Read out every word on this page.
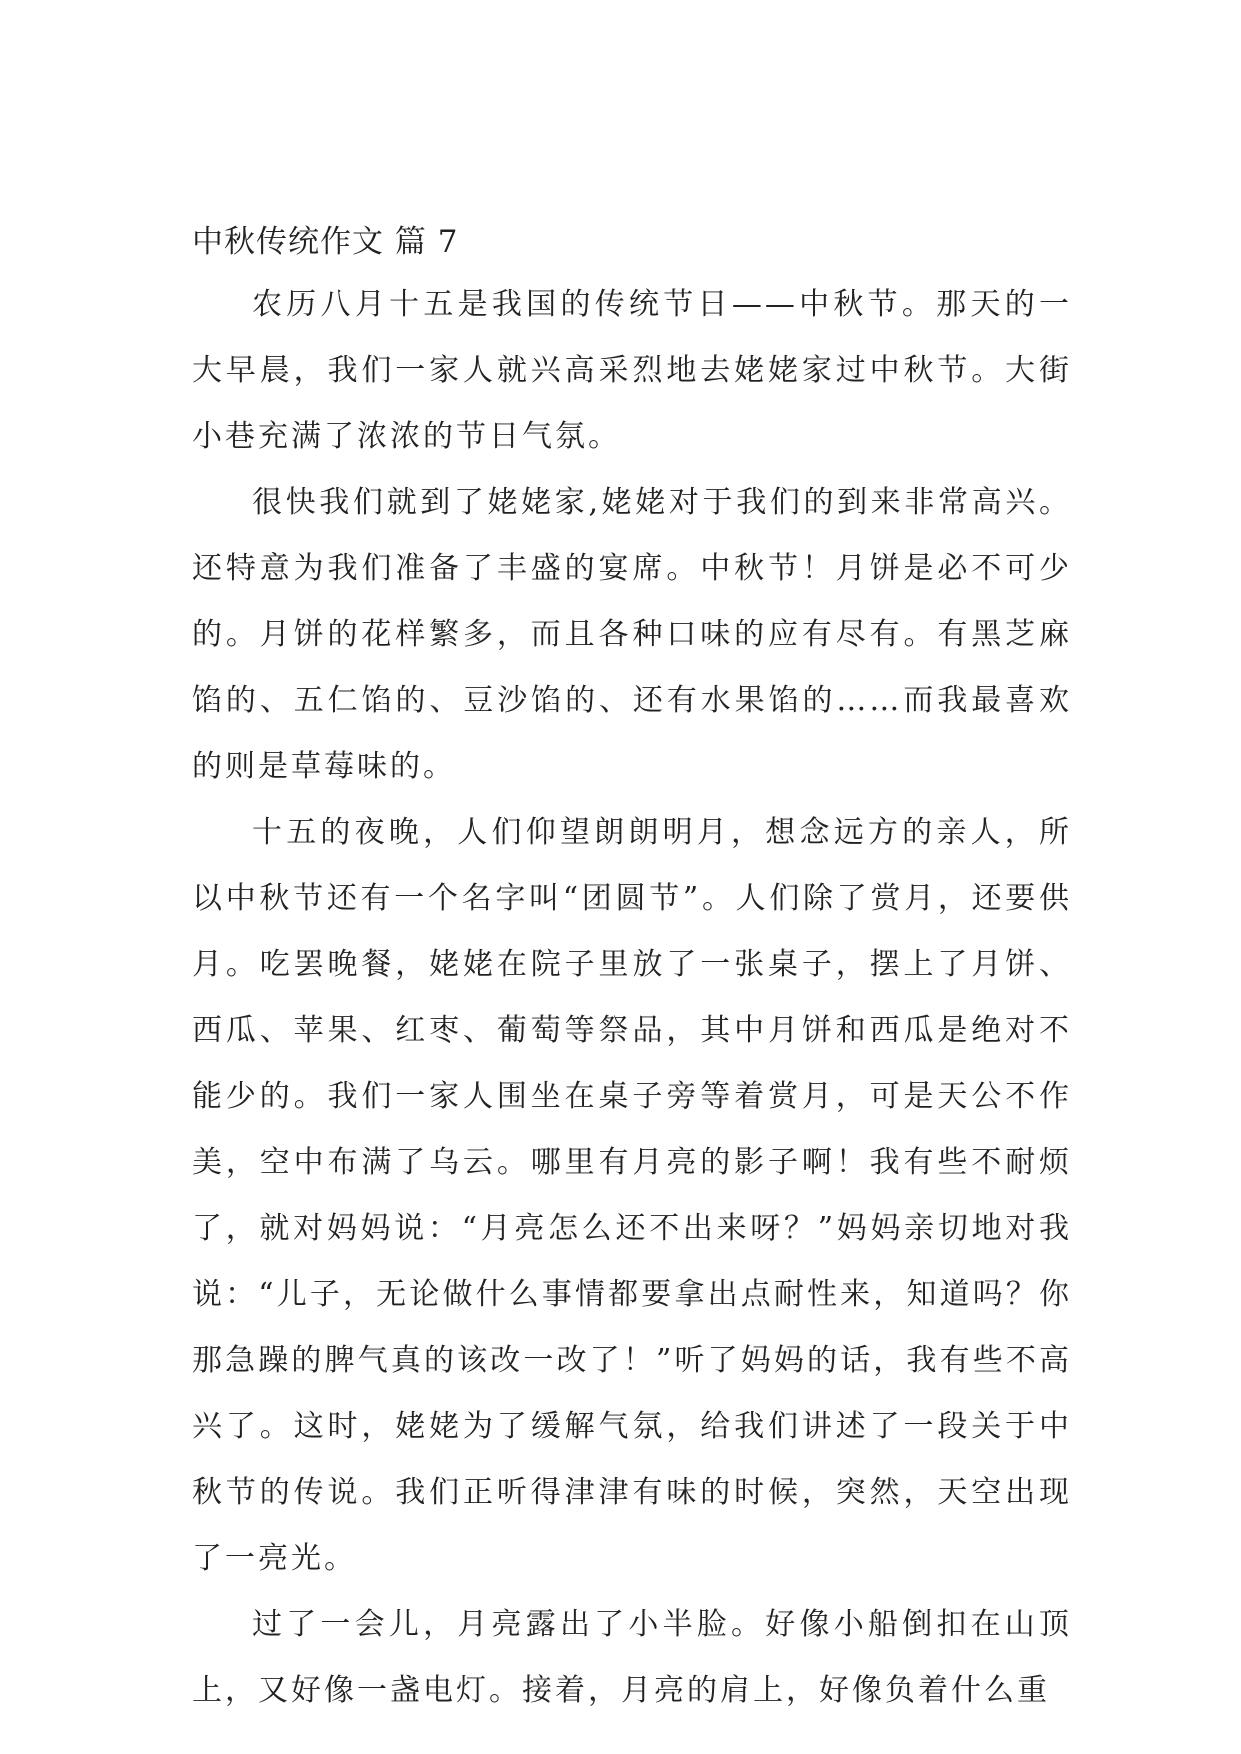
中秋传统作文 篇 7

农历八月十五是我国的传统节日——中秋节。那天的一大早晨，我们一家人就兴高采烈地去姥姥家过中秋节。大街小巷充满了浓浓的节日气氛。

很快我们就到了姥姥家,姥姥对于我们的到来非常高兴。还特意为我们准备了丰盛的宴席。中秋节！月饼是必不可少的。月饼的花样繁多，而且各种口味的应有尽有。有黑芝麻馅的、五仁馅的、豆沙馅的、还有水果馅的……而我最喜欢的则是草莓味的。

十五的夜晚，人们仰望朗朗明月，想念远方的亲人，所以中秋节还有一个名字叫“团圆节”。人们除了赏月，还要供月。吃罢晚餐，姥姥在院子里放了一张桌子，摆上了月饼、西瓜、苹果、红枣、葡萄等祭品，其中月饼和西瓜是绝对不能少的。我们一家人围坐在桌子旁等着赏月，可是天公不作美，空中布满了乌云。哪里有月亮的影子啊！我有些不耐烦了，就对妈妈说：“月亮怎么还不出来呀？”妈妈亲切地对我说：“儿子，无论做什么事情都要拿出点耐性来，知道吗？你那急躁的脾气真的该改一改了！”听了妈妈的话，我有些不高兴了。这时，姥姥为了缓解气氛，给我们讲述了一段关于中秋节的传说。我们正听得津津有味的时候，突然，天空出现了一亮光。

过了一会儿，月亮露出了小半脸。好像小船倒扣在山顶上，又好像一盏电灯。接着，月亮的肩上，好像负着什么重
